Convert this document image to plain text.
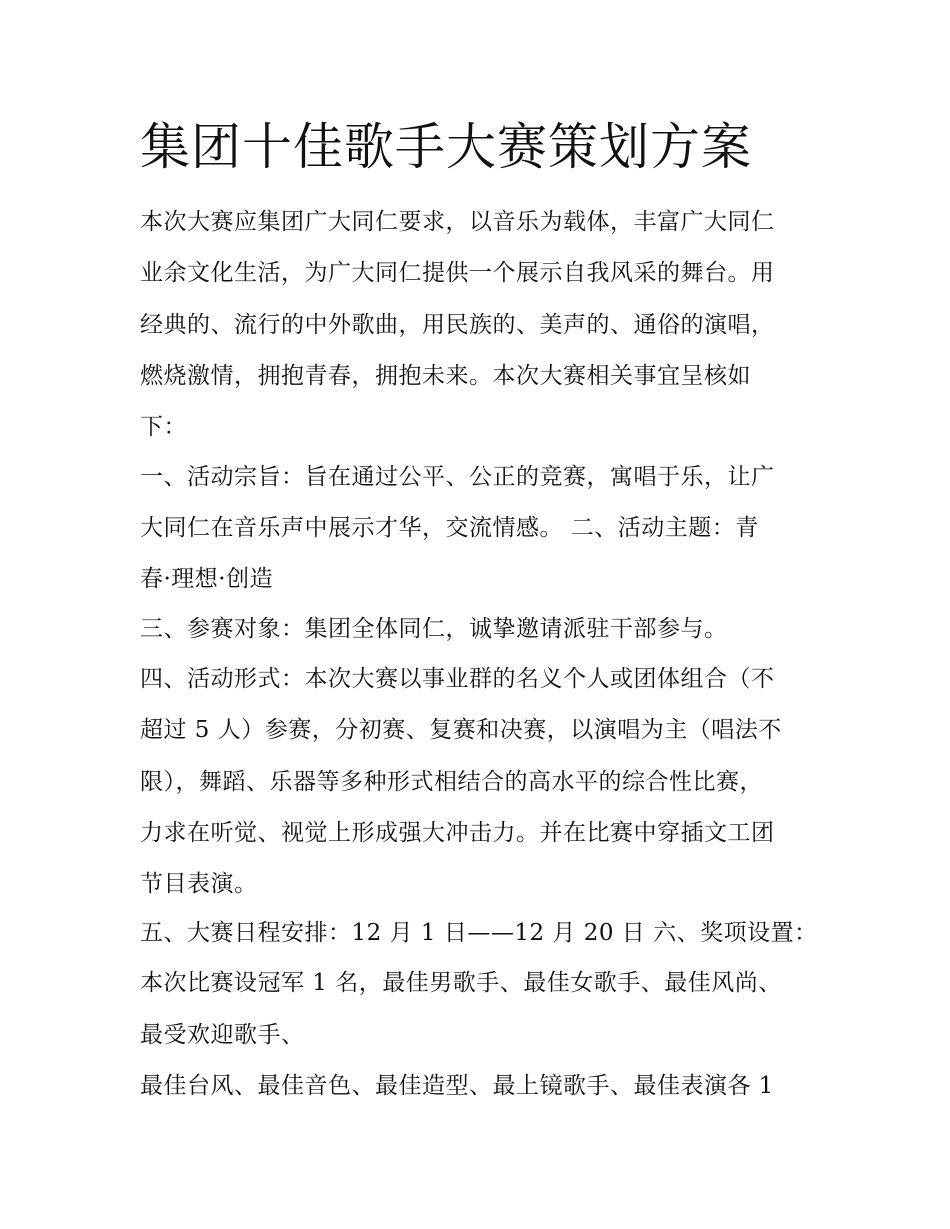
集团十佳歌手大赛策划方案

本次大赛应集团广大同仁要求，以音乐为载体，丰富广大同仁

业余文化生活，为广大同仁提供一个展示自我风采的舞台。用

经典的、流行的中外歌曲，用民族的、美声的、通俗的演唱，

燃烧激情，拥抱青春，拥抱未来。本次大赛相关事宜呈核如

下：

一、活动宗旨：旨在通过公平、公正的竞赛，寓唱于乐，让广

大同仁在音乐声中展示才华，交流情感。 二、活动主题：青

春·理想·创造

三、参赛对象：集团全体同仁，诚挚邀请派驻干部参与。

四、活动形式：本次大赛以事业群的名义个人或团体组合（不

超过 5 人）参赛，分初赛、复赛和决赛，以演唱为主（唱法不

限），舞蹈、乐器等多种形式相结合的高水平的综合性比赛，

力求在听觉、视觉上形成强大冲击力。并在比赛中穿插文工团

节目表演。

五、大赛日程安排：12 月 1 日——12 月 20 日 六、奖项设置：

本次比赛设冠军 1 名，最佳男歌手、最佳女歌手、最佳风尚、

最受欢迎歌手、

最佳台风、最佳音色、最佳造型、最上镜歌手、最佳表演各 1
